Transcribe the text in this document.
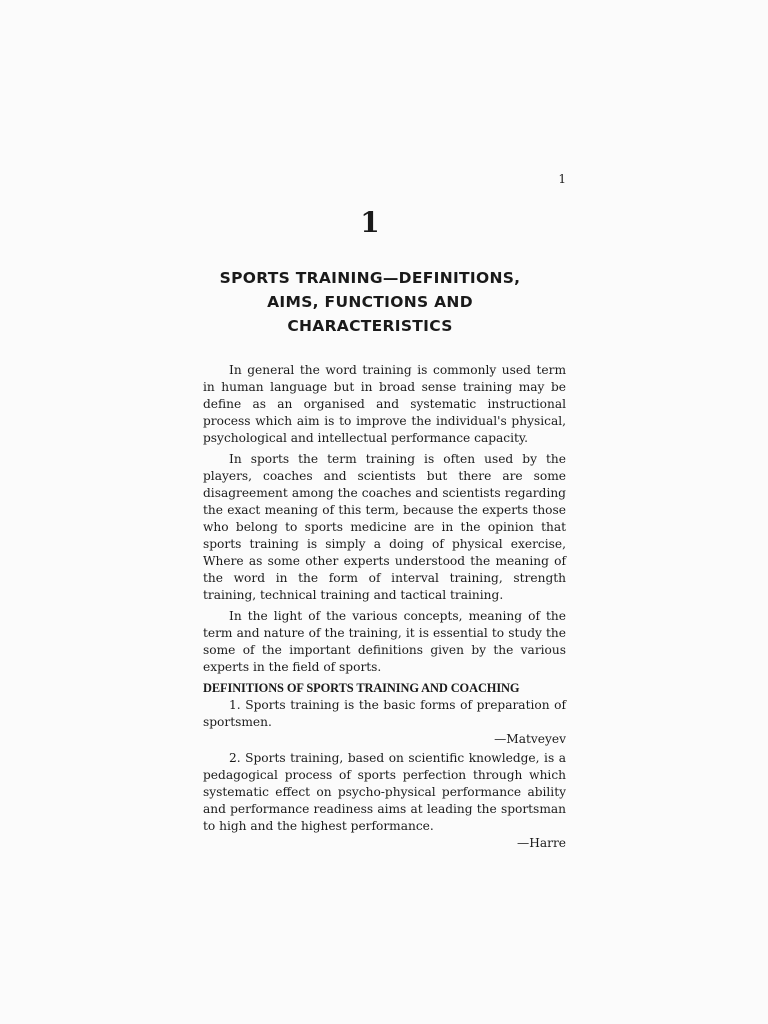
1
1
SPORTS TRAINING—DEFINITIONS,
AIMS, FUNCTIONS AND
CHARACTERISTICS

In general the word training is commonly used term in human language but in broad sense training may be define as an organised and systematic instructional process which aim is to improve the individual's physical, psychological and intellectual performance capacity.

In sports the term training is often used by the players, coaches and scientists but there are some disagreement among the coaches and scientists regarding the exact meaning of this term, because the experts those who belong to sports medicine are in the opinion that sports training is simply a doing of physical exercise, Where as some other experts understood the meaning of the word in the form of interval training, strength training, technical training and tactical training.

In the light of the various concepts, meaning of the term and nature of the training, it is essential to study the some of the important definitions given by the various experts in the field of sports.

DEFINITIONS OF SPORTS TRAINING AND COACHING

1. Sports training is the basic forms of preparation of sportsmen.

—Matveyev

2. Sports training, based on scientific knowledge, is a pedagogical process of sports perfection through which systematic effect on psycho-physical performance ability and performance readiness aims at leading the sportsman to high and the highest performance.

—Harre
